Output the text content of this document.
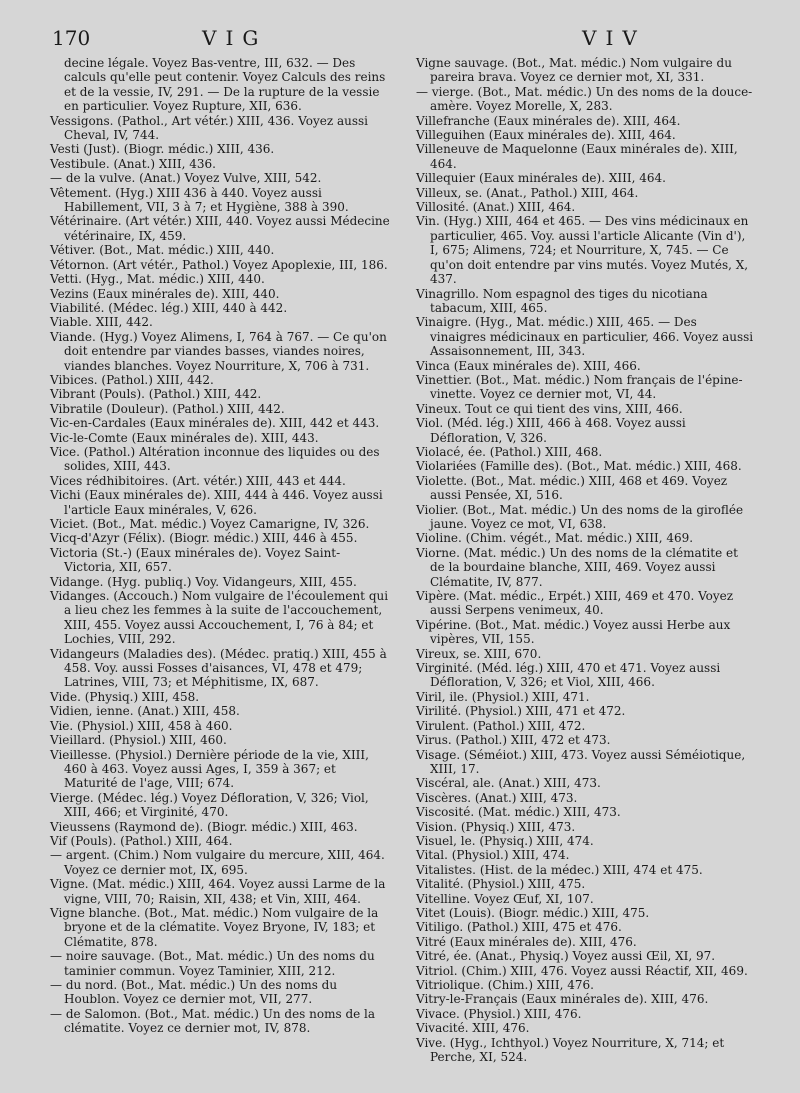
170	VIG	VIV

decine légale. Voyez Bas-ventre, III, 632. — Des calculs qu'elle peut contenir. Voyez Calculs des reins et de la vessie, IV, 291. — De la rupture de la vessie en particulier. Voyez Rupture, XII, 636.

Vessigons. (Pathol., Art vétér.) XIII, 436. Voyez aussi Cheval, IV, 744.

Vesti (Just). (Biogr. médic.) XIII, 436.

Vestibule. (Anat.) XIII, 436.

— de la vulve. (Anat.) Voyez Vulve, XIII, 542.

Vêtement. (Hyg.) XIII 436 à 440. Voyez aussi Habillement, VII, 3 à 7; et Hygiène, 388 à 390.

Vétérinaire. (Art vétér.) XIII, 440. Voyez aussi Médecine vétérinaire, IX, 459.

Vétiver. (Bot., Mat. médic.) XIII, 440.

Vétornon. (Art vétér., Pathol.) Voyez Apoplexie, III, 186.

Vetti. (Hyg., Mat. médic.) XIII, 440.

Vezins (Eaux minérales de). XIII, 440.

Viabilité. (Médec. lég.) XIII, 440 à 442.

Viable. XIII, 442.

Viande. (Hyg.) Voyez Alimens, I, 764 à 767. — Ce qu'on doit entendre par viandes basses, viandes noires, viandes blanches. Voyez Nourriture, X, 706 à 731.

Vibices. (Pathol.) XIII, 442.

Vibrant (Pouls). (Pathol.) XIII, 442.

Vibratile (Douleur). (Pathol.) XIII, 442.

Vic-en-Cardales (Eaux minérales de). XIII, 442 et 443.

Vic-le-Comte (Eaux minérales de). XIII, 443.

Vice. (Pathol.) Altération inconnue des liquides ou des solides, XIII, 443.

Vices rédhibitoires. (Art. vétér.) XIII, 443 et 444.

Vichi (Eaux minérales de). XIII, 444 à 446. Voyez aussi l'article Eaux minérales, V, 626.

Viciet. (Bot., Mat. médic.) Voyez Camarigne, IV, 326.

Vicq-d'Azyr (Félix). (Biogr. médic.) XIII, 446 à 455.

Victoria (St.-) (Eaux minérales de). Voyez Saint-Victoria, XII, 657.

Vidange. (Hyg. publiq.) Voy. Vidangeurs, XIII, 455.

Vidanges. (Accouch.) Nom vulgaire de l'écoulement qui a lieu chez les femmes à la suite de l'accouchement, XIII, 455. Voyez aussi Accouchement, I, 76 à 84; et Lochies, VIII, 292.

Vidangeurs (Maladies des). (Médec. pratiq.) XIII, 455 à 458. Voy. aussi Fosses d'aisances, VI, 478 et 479; Latrines, VIII, 73; et Méphitisme, IX, 687.

Vide. (Physiq.) XIII, 458.

Vidien, ienne. (Anat.) XIII, 458.

Vie. (Physiol.) XIII, 458 à 460.

Vieillard. (Physiol.) XIII, 460.

Vieillesse. (Physiol.) Dernière période de la vie, XIII, 460 à 463. Voyez aussi Ages, I, 359 à 367; et Maturité de l'age, VIII; 674.

Vierge. (Médec. lég.) Voyez Défloration, V, 326; Viol, XIII, 466; et Virginité, 470.

Vieussens (Raymond de). (Biogr. médic.) XIII, 463.

Vif (Pouls). (Pathol.) XIII, 464.

— argent. (Chim.) Nom vulgaire du mercure, XIII, 464. Voyez ce dernier mot, IX, 695.

Vigne. (Mat. médic.) XIII, 464. Voyez aussi Larme de la vigne, VIII, 70; Raisin, XII, 438; et Vin, XIII, 464.

Vigne blanche. (Bot., Mat. médic.) Nom vulgaire de la bryone et de la clématite. Voyez Bryone, IV, 183; et Clématite, 878.

— noire sauvage. (Bot., Mat. médic.) Un des noms du taminier commun. Voyez Taminier, XIII, 212.

— du nord. (Bot., Mat. médic.) Un des noms du Houblon. Voyez ce dernier mot, VII, 277.

— de Salomon. (Bot., Mat. médic.) Un des noms de la clématite. Voyez ce dernier mot, IV, 878.

Vigne sauvage. (Bot., Mat. médic.) Nom vulgaire du pareira brava. Voyez ce dernier mot, XI, 331.

— vierge. (Bot., Mat. médic.) Un des noms de la douce-amère. Voyez Morelle, X, 283.

Villefranche (Eaux minérales de). XIII, 464.

Villeguihen (Eaux minérales de). XIII, 464.

Villeneuve de Maquelonne (Eaux minérales de). XIII, 464.

Villequier (Eaux minérales de). XIII, 464.

Villeux, se. (Anat., Pathol.) XIII, 464.

Villosité. (Anat.) XIII, 464.

Vin. (Hyg.) XIII, 464 et 465. — Des vins médicinaux en particulier, 465. Voy. aussi l'article Alicante (Vin d'), I, 675; Alimens, 724; et Nourriture, X, 745. — Ce qu'on doit entendre par vins mutés. Voyez Mutés, X, 437.

Vinagrillo. Nom espagnol des tiges du nicotiana tabacum, XIII, 465.

Vinaigre. (Hyg., Mat. médic.) XIII, 465. — Des vinaigres médicinaux en particulier, 466. Voyez aussi Assaisonnement, III, 343.

Vinca (Eaux minérales de). XIII, 466.

Vinettier. (Bot., Mat. médic.) Nom français de l'épine-vinette. Voyez ce dernier mot, VI, 44.

Vineux. Tout ce qui tient des vins, XIII, 466.

Viol. (Méd. lég.) XIII, 466 à 468. Voyez aussi Défloration, V, 326.

Violacé, ée. (Pathol.) XIII, 468.

Violariées (Famille des). (Bot., Mat. médic.) XIII, 468.

Violette. (Bot., Mat. médic.) XIII, 468 et 469. Voyez aussi Pensée, XI, 516.

Violier. (Bot., Mat. médic.) Un des noms de la giroflée jaune. Voyez ce mot, VI, 638.

Violine. (Chim. végét., Mat. médic.) XIII, 469.

Viorne. (Mat. médic.) Un des noms de la clématite et de la bourdaine blanche, XIII, 469. Voyez aussi Clématite, IV, 877.

Vipère. (Mat. médic., Erpét.) XIII, 469 et 470. Voyez aussi Serpens venimeux, 40.

Vipérine. (Bot., Mat. médic.) Voyez aussi Herbe aux vipères, VII, 155.

Vireux, se. XIII, 670.

Virginité. (Méd. lég.) XIII, 470 et 471. Voyez aussi Défloration, V, 326; et Viol, XIII, 466.

Viril, ile. (Physiol.) XIII, 471.

Virilité. (Physiol.) XIII, 471 et 472.

Virulent. (Pathol.) XIII, 472.

Virus. (Pathol.) XIII, 472 et 473.

Visage. (Séméiot.) XIII, 473. Voyez aussi Séméiotique, XIII, 17.

Viscéral, ale. (Anat.) XIII, 473.

Viscères. (Anat.) XIII, 473.

Viscosité. (Mat. médic.) XIII, 473.

Vision. (Physiq.) XIII, 473.

Visuel, le. (Physiq.) XIII, 474.

Vital. (Physiol.) XIII, 474.

Vitalistes. (Hist. de la médec.) XIII, 474 et 475.

Vitalité. (Physiol.) XIII, 475.

Vitelline. Voyez Œuf, XI, 107.

Vitet (Louis). (Biogr. médic.) XIII, 475.

Vitiligo. (Pathol.) XIII, 475 et 476.

Vitré (Eaux minérales de). XIII, 476.

Vitré, ée. (Anat., Physiq.) Voyez aussi Œil, XI, 97.

Vitriol. (Chim.) XIII, 476. Voyez aussi Réactif, XII, 469.

Vitriolique. (Chim.) XIII, 476.

Vitry-le-Français (Eaux minérales de). XIII, 476.

Vivace. (Physiol.) XIII, 476.

Vivacité. XIII, 476.

Vive. (Hyg., Ichthyol.) Voyez Nourriture, X, 714; et Perche, XI, 524.
